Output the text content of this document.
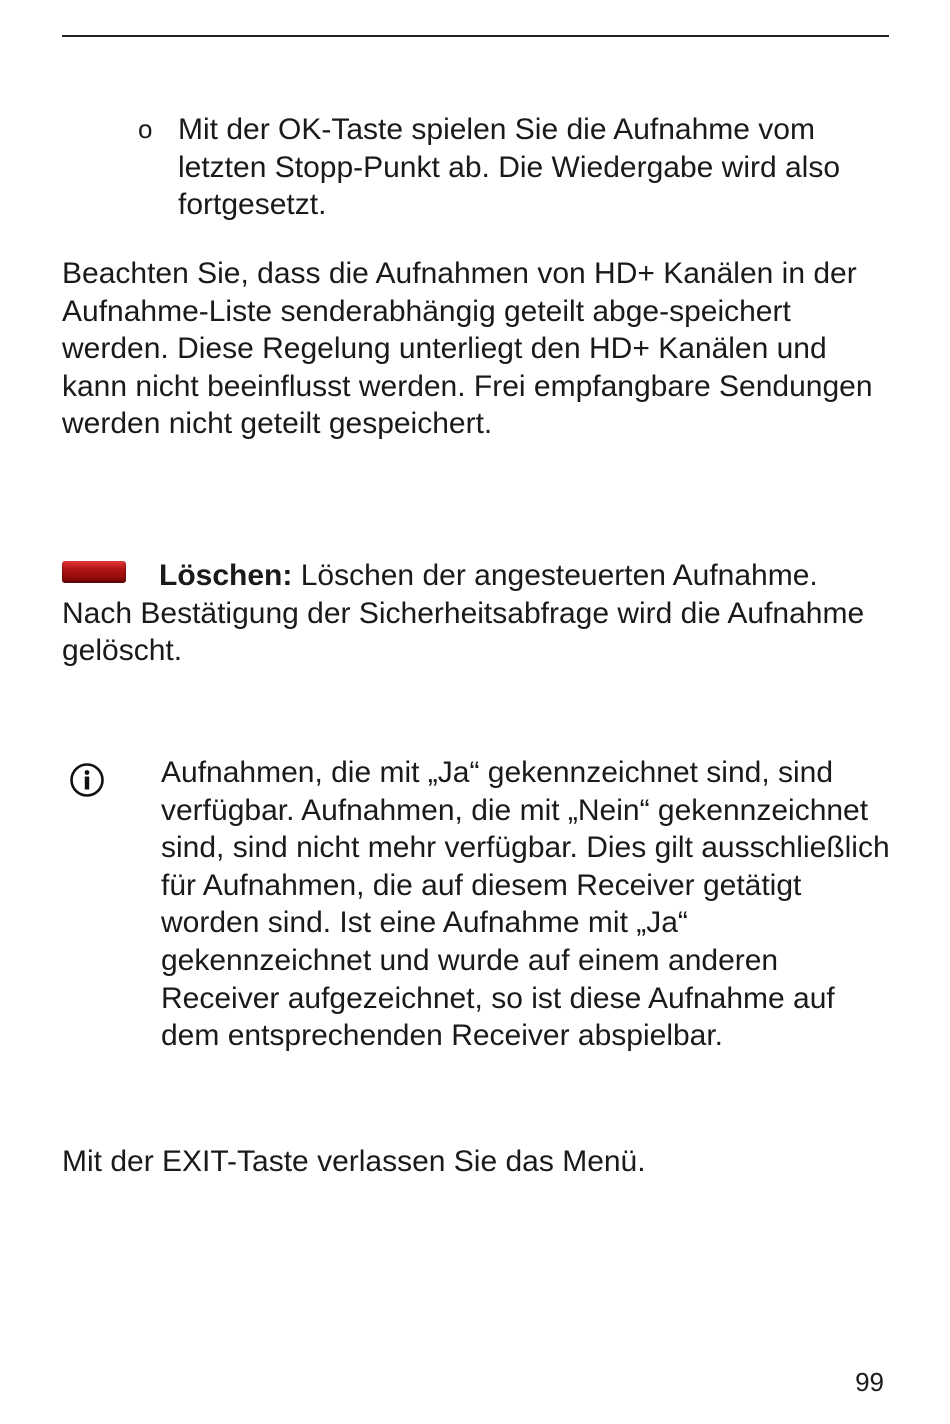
o Mit der OK-Taste spielen Sie die Aufnahme vom letzten Stopp-Punkt ab. Die Wiedergabe wird also fortgesetzt.

Beachten Sie, dass die Aufnahmen von HD+ Kanälen in der Aufnahme-Liste senderabhängig geteilt abge-speichert werden. Diese Regelung unterliegt den HD+ Kanälen und kann nicht beeinflusst werden. Frei empfangbare Sendungen werden nicht geteilt gespeichert.

Löschen: Löschen der angesteuerten Aufnahme. Nach Bestätigung der Sicherheitsabfrage wird die Aufnahme gelöscht.

Aufnahmen, die mit „Ja“ gekennzeichnet sind, sind verfügbar. Aufnahmen, die mit „Nein“ gekennzeichnet sind, sind nicht mehr verfügbar. Dies gilt ausschließlich für Aufnahmen, die auf diesem Receiver getätigt worden sind. Ist eine Aufnahme mit „Ja“ gekennzeichnet und wurde auf einem anderen Receiver aufgezeichnet, so ist diese Aufnahme auf dem entsprechenden Receiver abspielbar.

Mit der EXIT-Taste verlassen Sie das Menü.

99
